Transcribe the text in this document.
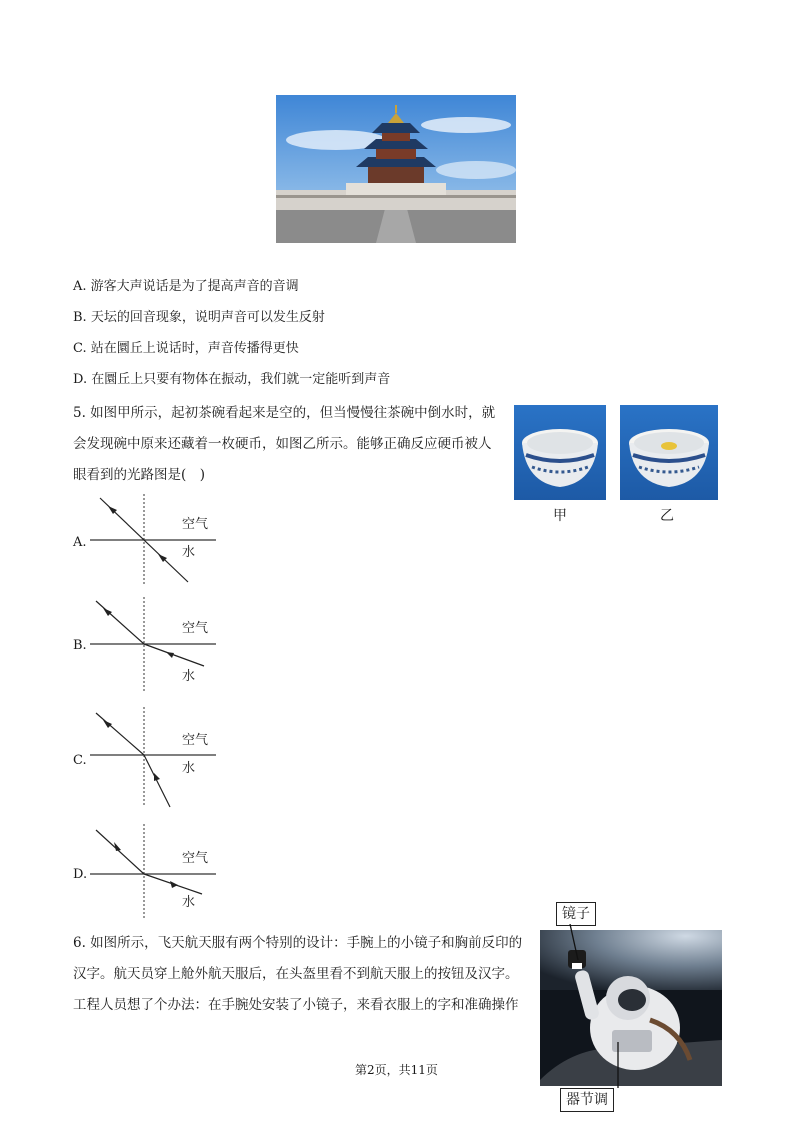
A. 游客大声说话是为了提高声音的音调
B. 天坛的回音现象，说明声音可以发生反射
C. 站在圜丘上说话时，声音传播得更快
D. 在圜丘上只要有物体在振动，我们就一定能听到声音
5. 如图甲所示，起初茶碗看起来是空的，但当慢慢往茶碗中倒水时，就
会发现碗中原来还藏着一枚硬币，如图乙所示。能够正确反应硬币被人
眼看到的光路图是(　)
甲	乙
A.
空气
水
B.
空气
水
C.
空气
水
D.
空气
水
6. 如图所示，飞天航天服有两个特别的设计：手腕上的小镜子和胸前反印的
汉字。航天员穿上舱外航天服后，在头盔里看不到航天服上的按钮及汉字。
工程人员想了个办法：在手腕处安装了小镜子，来看衣服上的字和准确操作
镜子
器节调
第2页，共11页
